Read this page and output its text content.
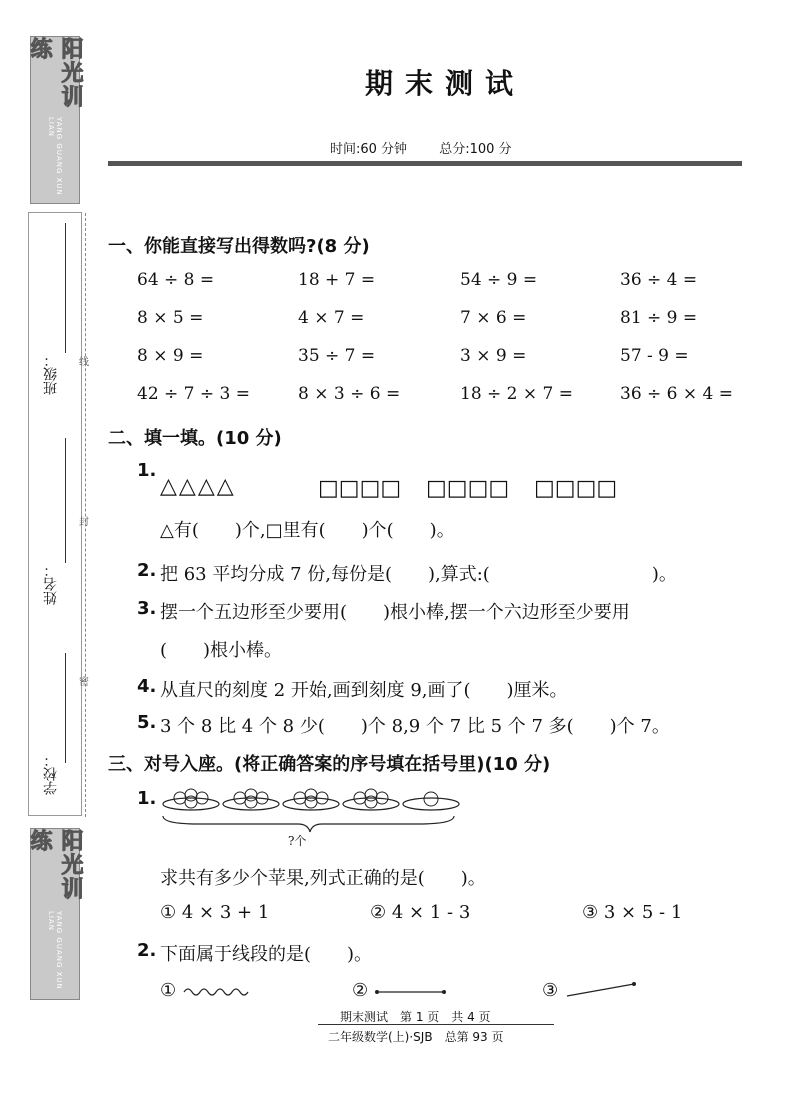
阳光训练
YANG GUANG XUN LIAN
班级： 线
姓名：
封
学校：
密
阳光训练
YANG GUANG XUN LIAN
期末测试
时间:60 分钟 总分:100 分
一、你能直接写出得数吗?(8 分)
64 ÷ 8 =	18 + 7 =	54 ÷ 9 =	36 ÷ 4 =
8 × 5 =	4 × 7 =	7 × 6 =	81 ÷ 9 =
8 × 9 =	35 ÷ 7 =	3 × 9 =	57 - 9 =
42 ÷ 7 ÷ 3 =	8 × 3 ÷ 6 =	18 ÷ 2 × 7 =	36 ÷ 6 × 4 =
二、填一填。(10 分)
1.
△△△△	□□□□ □□□□ □□□□
△有(　　)个,□里有(　　)个(　　)。
2. 把 63 平均分成 7 份,每份是(　　),算式:(　　　　　　　　　)。
3. 摆一个五边形至少要用(　　)根小棒,摆一个六边形至少要用
(　　)根小棒。
4. 从直尺的刻度 2 开始,画到刻度 9,画了(　　)厘米。
5. 3 个 8 比 4 个 8 少(　　)个 8,9 个 7 比 5 个 7 多(　　)个 7。
三、对号入座。(将正确答案的序号填在括号里)(10 分)
1.
?个
求共有多少个苹果,列式正确的是(　　)。
① 4 × 3 + 1	② 4 × 1 - 3	③ 3 × 5 - 1
2. 下面属于线段的是(　　)。
①	②	③
期末测试　第 1 页　共 4 页
二年级数学(上)·SJB　总第 93 页
